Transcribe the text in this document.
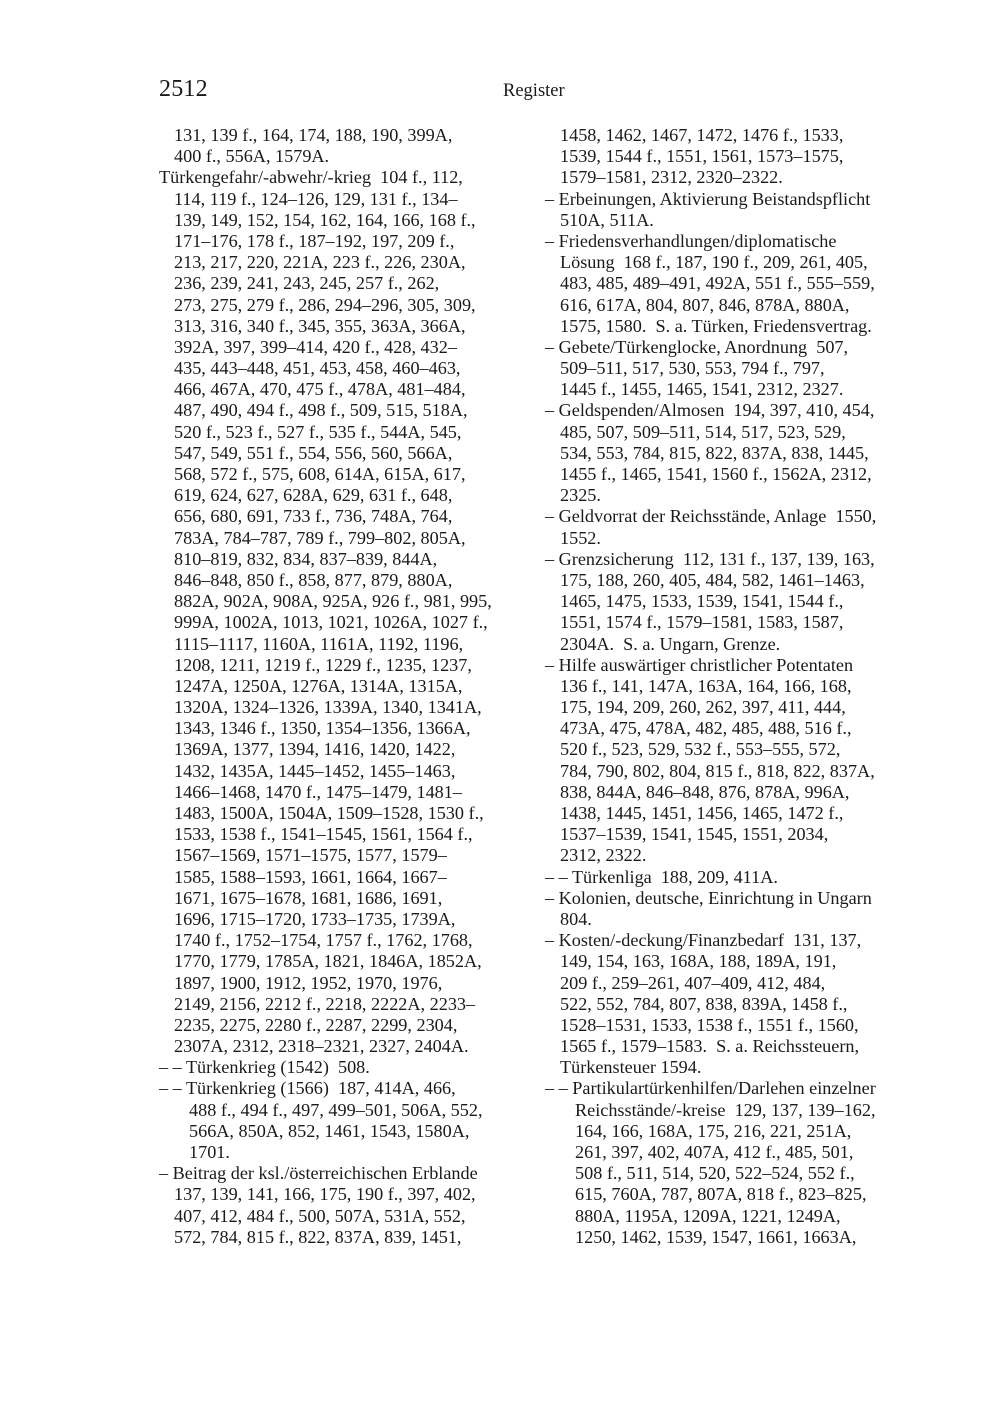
2512	Register
131, 139 f., 164, 174, 188, 190, 399A,
400 f., 556A, 1579A.
Türkengefahr/-abwehr/-krieg  104 f., 112,
114, 119 f., 124–126, 129, 131 f., 134–
139, 149, 152, 154, 162, 164, 166, 168 f.,
171–176, 178 f., 187–192, 197, 209 f.,
213, 217, 220, 221A, 223 f., 226, 230A,
236, 239, 241, 243, 245, 257 f., 262,
273, 275, 279 f., 286, 294–296, 305, 309,
313, 316, 340 f., 345, 355, 363A, 366A,
392A, 397, 399–414, 420 f., 428, 432–
435, 443–448, 451, 453, 458, 460–463,
466, 467A, 470, 475 f., 478A, 481–484,
487, 490, 494 f., 498 f., 509, 515, 518A,
520 f., 523 f., 527 f., 535 f., 544A, 545,
547, 549, 551 f., 554, 556, 560, 566A,
568, 572 f., 575, 608, 614A, 615A, 617,
619, 624, 627, 628A, 629, 631 f., 648,
656, 680, 691, 733 f., 736, 748A, 764,
783A, 784–787, 789 f., 799–802, 805A,
810–819, 832, 834, 837–839, 844A,
846–848, 850 f., 858, 877, 879, 880A,
882A, 902A, 908A, 925A, 926 f., 981, 995,
999A, 1002A, 1013, 1021, 1026A, 1027 f.,
1115–1117, 1160A, 1161A, 1192, 1196,
1208, 1211, 1219 f., 1229 f., 1235, 1237,
1247A, 1250A, 1276A, 1314A, 1315A,
1320A, 1324–1326, 1339A, 1340, 1341A,
1343, 1346 f., 1350, 1354–1356, 1366A,
1369A, 1377, 1394, 1416, 1420, 1422,
1432, 1435A, 1445–1452, 1455–1463,
1466–1468, 1470 f., 1475–1479, 1481–
1483, 1500A, 1504A, 1509–1528, 1530 f.,
1533, 1538 f., 1541–1545, 1561, 1564 f.,
1567–1569, 1571–1575, 1577, 1579–
1585, 1588–1593, 1661, 1664, 1667–
1671, 1675–1678, 1681, 1686, 1691,
1696, 1715–1720, 1733–1735, 1739A,
1740 f., 1752–1754, 1757 f., 1762, 1768,
1770, 1779, 1785A, 1821, 1846A, 1852A,
1897, 1900, 1912, 1952, 1970, 1976,
2149, 2156, 2212 f., 2218, 2222A, 2233–
2235, 2275, 2280 f., 2287, 2299, 2304,
2307A, 2312, 2318–2321, 2327, 2404A.
– – Türkenkrieg (1542)  508.
– – Türkenkrieg (1566)  187, 414A, 466,
488 f., 494 f., 497, 499–501, 506A, 552,
566A, 850A, 852, 1461, 1543, 1580A,
1701.
– Beitrag der ksl./österreichischen Erblande
137, 139, 141, 166, 175, 190 f., 397, 402,
407, 412, 484 f., 500, 507A, 531A, 552,
572, 784, 815 f., 822, 837A, 839, 1451,
1458, 1462, 1467, 1472, 1476 f., 1533,
1539, 1544 f., 1551, 1561, 1573–1575,
1579–1581, 2312, 2320–2322.
– Erbeinungen, Aktivierung Beistandspflicht
510A, 511A.
– Friedensverhandlungen/diplomatische
Lösung  168 f., 187, 190 f., 209, 261, 405,
483, 485, 489–491, 492A, 551 f., 555–559,
616, 617A, 804, 807, 846, 878A, 880A,
1575, 1580.  S. a. Türken, Friedensvertrag.
– Gebete/Türkenglocke, Anordnung  507,
509–511, 517, 530, 553, 794 f., 797,
1445 f., 1455, 1465, 1541, 2312, 2327.
– Geldspenden/Almosen  194, 397, 410, 454,
485, 507, 509–511, 514, 517, 523, 529,
534, 553, 784, 815, 822, 837A, 838, 1445,
1455 f., 1465, 1541, 1560 f., 1562A, 2312,
2325.
– Geldvorrat der Reichsstände, Anlage  1550,
1552.
– Grenzsicherung  112, 131 f., 137, 139, 163,
175, 188, 260, 405, 484, 582, 1461–1463,
1465, 1475, 1533, 1539, 1541, 1544 f.,
1551, 1574 f., 1579–1581, 1583, 1587,
2304A.  S. a. Ungarn, Grenze.
– Hilfe auswärtiger christlicher Potentaten
136 f., 141, 147A, 163A, 164, 166, 168,
175, 194, 209, 260, 262, 397, 411, 444,
473A, 475, 478A, 482, 485, 488, 516 f.,
520 f., 523, 529, 532 f., 553–555, 572,
784, 790, 802, 804, 815 f., 818, 822, 837A,
838, 844A, 846–848, 876, 878A, 996A,
1438, 1445, 1451, 1456, 1465, 1472 f.,
1537–1539, 1541, 1545, 1551, 2034,
2312, 2322.
– – Türkenliga  188, 209, 411A.
– Kolonien, deutsche, Einrichtung in Ungarn
804.
– Kosten/-deckung/Finanzbedarf  131, 137,
149, 154, 163, 168A, 188, 189A, 191,
209 f., 259–261, 407–409, 412, 484,
522, 552, 784, 807, 838, 839A, 1458 f.,
1528–1531, 1533, 1538 f., 1551 f., 1560,
1565 f., 1579–1583.  S. a. Reichssteuern,
Türkensteuer 1594.
– – Partikulartürkenhilfen/Darlehen einzelner
Reichsstände/-kreise  129, 137, 139–162,
164, 166, 168A, 175, 216, 221, 251A,
261, 397, 402, 407A, 412 f., 485, 501,
508 f., 511, 514, 520, 522–524, 552 f.,
615, 760A, 787, 807A, 818 f., 823–825,
880A, 1195A, 1209A, 1221, 1249A,
1250, 1462, 1539, 1547, 1661, 1663A,
